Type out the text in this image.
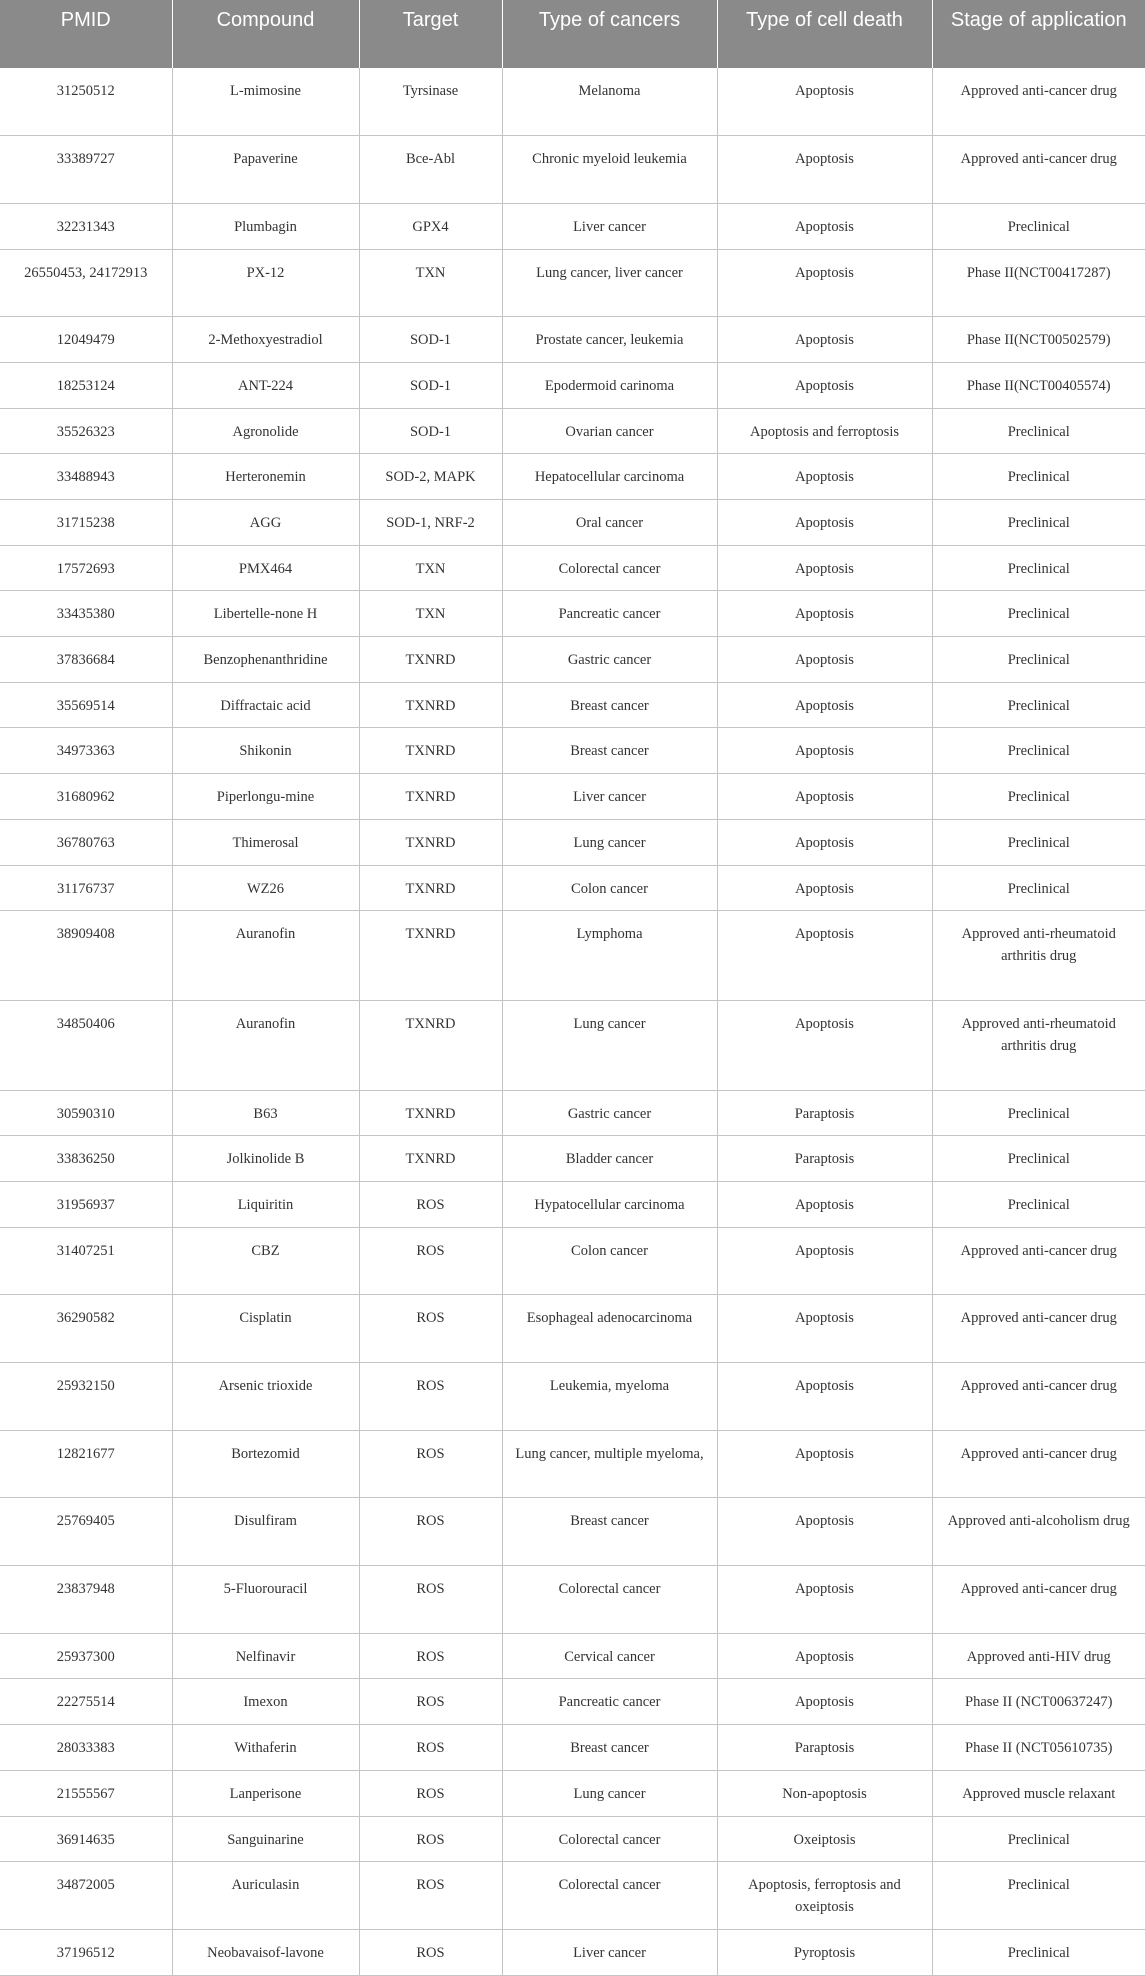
PMID	Compound	Target	Type of cancers	Type of cell death	Stage of application

31250512	L-mimosine	Tyrsinase	Melanoma	Apoptosis	Approved anti-cancer drug
33389727	Papaverine	Bce-Abl	Chronic myeloid leukemia	Apoptosis	Approved anti-cancer drug
32231343	Plumbagin	GPX4	Liver cancer	Apoptosis	Preclinical
26550453, 24172913	PX-12	TXN	Lung cancer, liver cancer	Apoptosis	Phase II(NCT00417287)
12049479	2-Methoxyestradiol	SOD-1	Prostate cancer, leukemia	Apoptosis	Phase II(NCT00502579)
18253124	ANT-224	SOD-1	Epodermoid carinoma	Apoptosis	Phase II(NCT00405574)
35526323	Agronolide	SOD-1	Ovarian cancer	Apoptosis and ferroptosis	Preclinical
33488943	Herteronemin	SOD-2, MAPK	Hepatocellular carcinoma	Apoptosis	Preclinical
31715238	AGG	SOD-1, NRF-2	Oral cancer	Apoptosis	Preclinical
17572693	PMX464	TXN	Colorectal cancer	Apoptosis	Preclinical
33435380	Libertelle-none H	TXN	Pancreatic cancer	Apoptosis	Preclinical
37836684	Benzophenanthridine	TXNRD	Gastric cancer	Apoptosis	Preclinical
35569514	Diffractaic acid	TXNRD	Breast cancer	Apoptosis	Preclinical
34973363	Shikonin	TXNRD	Breast cancer	Apoptosis	Preclinical
31680962	Piperlongu-mine	TXNRD	Liver cancer	Apoptosis	Preclinical
36780763	Thimerosal	TXNRD	Lung cancer	Apoptosis	Preclinical
31176737	WZ26	TXNRD	Colon cancer	Apoptosis	Preclinical
38909408	Auranofin	TXNRD	Lymphoma	Apoptosis	Approved anti-rheumatoid arthritis drug
34850406	Auranofin	TXNRD	Lung cancer	Apoptosis	Approved anti-rheumatoid arthritis drug
30590310	B63	TXNRD	Gastric cancer	Paraptosis	Preclinical
33836250	Jolkinolide B	TXNRD	Bladder cancer	Paraptosis	Preclinical
31956937	Liquiritin	ROS	Hypatocellular carcinoma	Apoptosis	Preclinical
31407251	CBZ	ROS	Colon cancer	Apoptosis	Approved anti-cancer drug
36290582	Cisplatin	ROS	Esophageal adenocarcinoma	Apoptosis	Approved anti-cancer drug
25932150	Arsenic trioxide	ROS	Leukemia, myeloma	Apoptosis	Approved anti-cancer drug
12821677	Bortezomid	ROS	Lung cancer, multiple myeloma,	Apoptosis	Approved anti-cancer drug
25769405	Disulfiram	ROS	Breast cancer	Apoptosis	Approved anti-alcoholism drug
23837948	5-Fluorouracil	ROS	Colorectal cancer	Apoptosis	Approved anti-cancer drug
25937300	Nelfinavir	ROS	Cervical cancer	Apoptosis	Approved anti-HIV drug
22275514	Imexon	ROS	Pancreatic cancer	Apoptosis	Phase II (NCT00637247)
28033383	Withaferin	ROS	Breast cancer	Paraptosis	Phase II (NCT05610735)
21555567	Lanperisone	ROS	Lung cancer	Non-apoptosis	Approved muscle relaxant
36914635	Sanguinarine	ROS	Colorectal cancer	Oxeiptosis	Preclinical
34872005	Auriculasin	ROS	Colorectal cancer	Apoptosis, ferroptosis and oxeiptosis	Preclinical
37196512	Neobavaisof-lavone	ROS	Liver cancer	Pyroptosis	Preclinical
